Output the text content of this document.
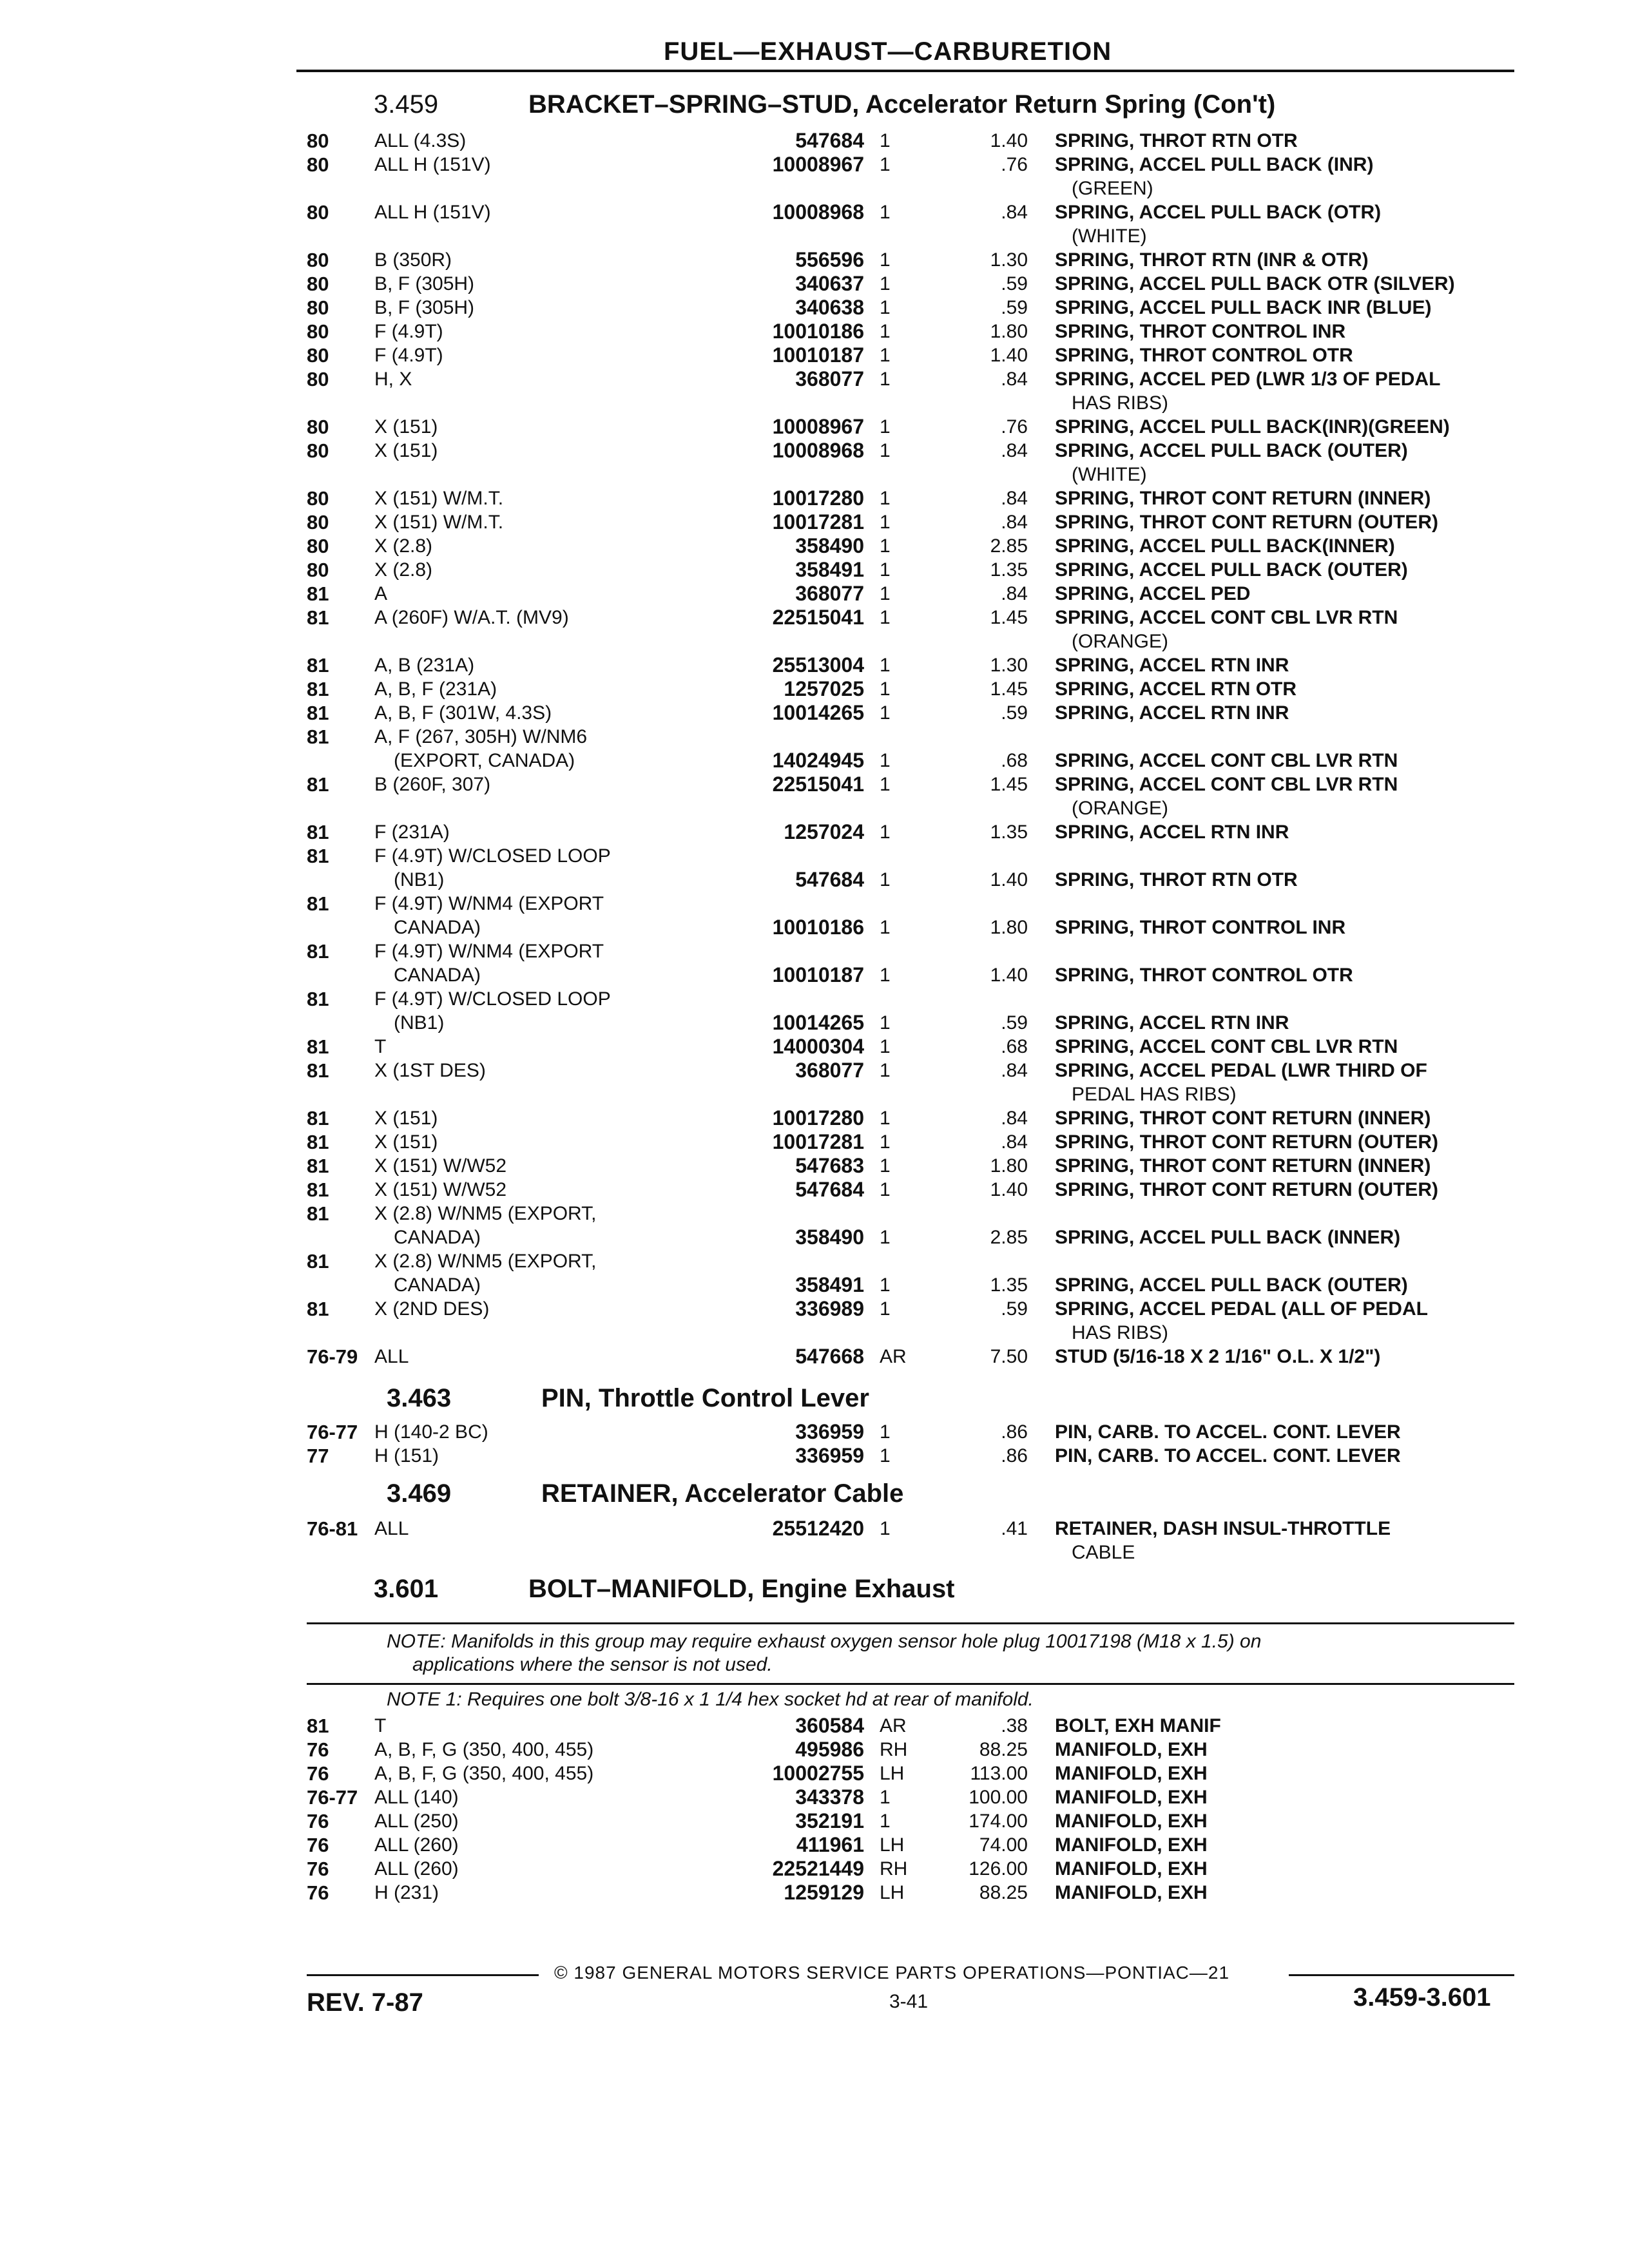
FUEL—EXHAUST—CARBURETION
3.459	BRACKET–SPRING–STUD, Accelerator Return Spring (Con't)
80	ALL (4.3S)	547684	1	1.40	SPRING, THROT RTN OTR

80	ALL H (151V)	10008967	1	.76	SPRING, ACCEL PULL BACK (INR)
(GREEN)

80	ALL H (151V)	10008968	1	.84	SPRING, ACCEL PULL BACK (OTR)
(WHITE)

80	B (350R)	556596	1	1.30	SPRING, THROT RTN (INR & OTR)

80	B, F (305H)	340637	1	.59	SPRING, ACCEL PULL BACK OTR (SILVER)

80	B, F (305H)	340638	1	.59	SPRING, ACCEL PULL BACK INR (BLUE)

80	F (4.9T)	10010186	1	1.80	SPRING, THROT CONTROL INR

80	F (4.9T)	10010187	1	1.40	SPRING, THROT CONTROL OTR

80	H, X	368077	1	.84	SPRING, ACCEL PED (LWR 1/3 OF PEDAL
HAS RIBS)

80	X (151)	10008967	1	.76	SPRING, ACCEL PULL BACK(INR)(GREEN)

80	X (151)	10008968	1	.84	SPRING, ACCEL PULL BACK (OUTER)
(WHITE)

80	X (151) W/M.T.	10017280	1	.84	SPRING, THROT CONT RETURN (INNER)

80	X (151) W/M.T.	10017281	1	.84	SPRING, THROT CONT RETURN (OUTER)

80	X (2.8)	358490	1	2.85	SPRING, ACCEL PULL BACK(INNER)

80	X (2.8)	358491	1	1.35	SPRING, ACCEL PULL BACK (OUTER)

81	A	368077	1	.84	SPRING, ACCEL PED

81	A (260F) W/A.T. (MV9)	22515041	1	1.45	SPRING, ACCEL CONT CBL LVR RTN
(ORANGE)

81	A, B (231A)	25513004	1	1.30	SPRING, ACCEL RTN INR

81	A, B, F (231A)	1257025	1	1.45	SPRING, ACCEL RTN OTR

81	A, B, F (301W, 4.3S)	10014265	1	.59	SPRING, ACCEL RTN INR

81	A, F (267, 305H) W/NM6
(EXPORT, CANADA)	14024945	1	.68	SPRING, ACCEL CONT CBL LVR RTN

81	B (260F, 307)	22515041	1	1.45	SPRING, ACCEL CONT CBL LVR RTN
(ORANGE)

81	F (231A)	1257024	1	1.35	SPRING, ACCEL RTN INR

81	F (4.9T) W/CLOSED LOOP
(NB1)	547684	1	1.40	SPRING, THROT RTN OTR

81	F (4.9T) W/NM4 (EXPORT
CANADA)	10010186	1	1.80	SPRING, THROT CONTROL INR

81	F (4.9T) W/NM4 (EXPORT
CANADA)	10010187	1	1.40	SPRING, THROT CONTROL OTR

81	F (4.9T) W/CLOSED LOOP
(NB1)	10014265	1	.59	SPRING, ACCEL RTN INR

81	T	14000304	1	.68	SPRING, ACCEL CONT CBL LVR RTN

81	X (1ST DES)	368077	1	.84	SPRING, ACCEL PEDAL (LWR THIRD OF
PEDAL HAS RIBS)

81	X (151)	10017280	1	.84	SPRING, THROT CONT RETURN (INNER)

81	X (151)	10017281	1	.84	SPRING, THROT CONT RETURN (OUTER)

81	X (151) W/W52	547683	1	1.80	SPRING, THROT CONT RETURN (INNER)

81	X (151) W/W52	547684	1	1.40	SPRING, THROT CONT RETURN (OUTER)

81	X (2.8) W/NM5 (EXPORT,
CANADA)	358490	1	2.85	SPRING, ACCEL PULL BACK (INNER)

81	X (2.8) W/NM5 (EXPORT,
CANADA)	358491	1	1.35	SPRING, ACCEL PULL BACK (OUTER)

81	X (2ND DES)	336989	1	.59	SPRING, ACCEL PEDAL (ALL OF PEDAL
HAS RIBS)

76-79	ALL	547668	AR	7.50	STUD (5/16-18 X 2 1/16" O.L. X 1/2")
3.463	PIN, Throttle Control Lever
76-77	H (140-2 BC)	336959	1	.86	PIN, CARB. TO ACCEL. CONT. LEVER

77	H (151)	336959	1	.86	PIN, CARB. TO ACCEL. CONT. LEVER
3.469	RETAINER, Accelerator Cable
76-81	ALL	25512420	1	.41	RETAINER, DASH INSUL-THROTTLE
CABLE
3.601	BOLT–MANIFOLD, Engine Exhaust
NOTE: Manifolds in this group may require exhaust oxygen sensor hole plug 10017198 (M18 x 1.5) on
applications where the sensor is not used.
NOTE 1: Requires one bolt 3/8-16 x 1 1/4 hex socket hd at rear of manifold.
81	T	360584	AR	.38	BOLT, EXH MANIF

76	A, B, F, G (350, 400, 455)	495986	RH	88.25	MANIFOLD, EXH

76	A, B, F, G (350, 400, 455)	10002755	LH	113.00	MANIFOLD, EXH

76-77	ALL (140)	343378	1	100.00	MANIFOLD, EXH

76	ALL (250)	352191	1	174.00	MANIFOLD, EXH

76	ALL (260)	411961	LH	74.00	MANIFOLD, EXH

76	ALL (260)	22521449	RH	126.00	MANIFOLD, EXH

76	H (231)	1259129	LH	88.25	MANIFOLD, EXH
© 1987 GENERAL MOTORS SERVICE PARTS OPERATIONS—PONTIAC—21
REV. 7-87	3-41	3.459-3.601
